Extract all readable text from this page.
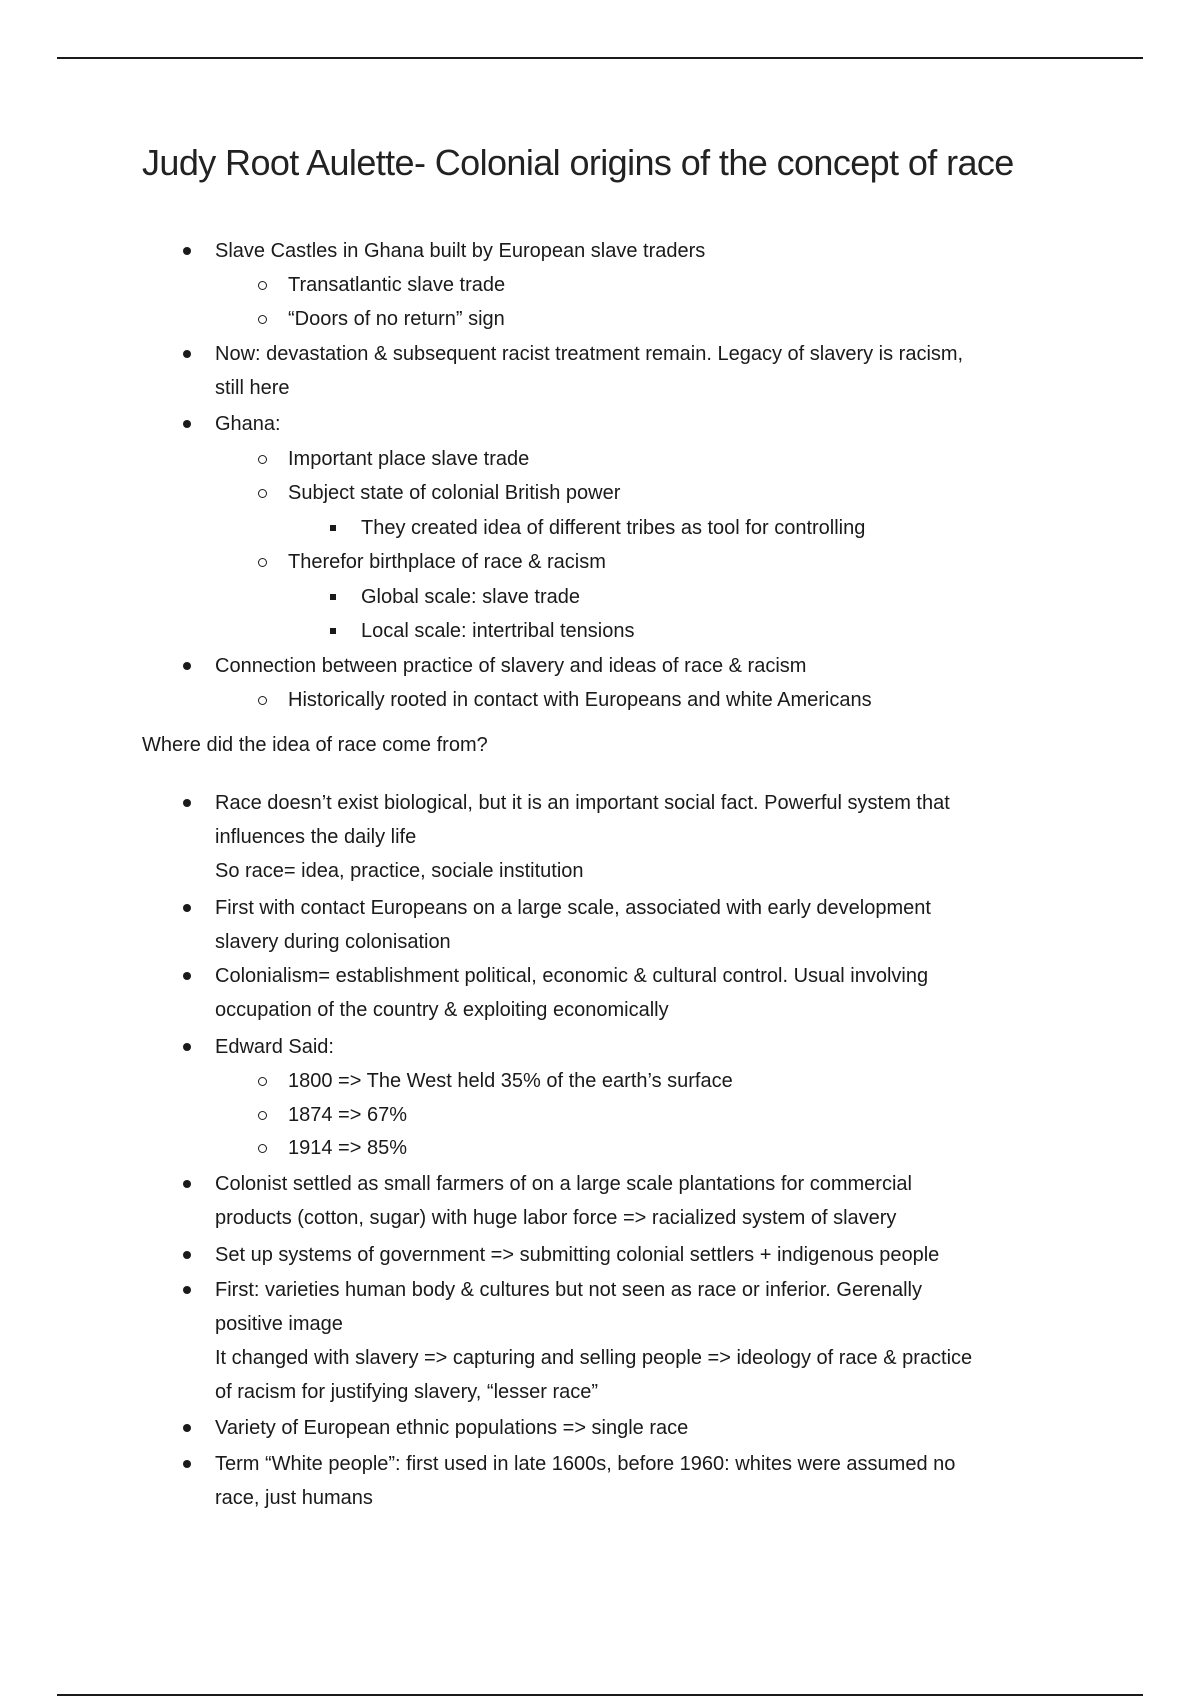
Judy Root Aulette- Colonial origins of the concept of race
Slave Castles in Ghana built by European slave traders
Transatlantic slave trade
“Doors of no return” sign
Now: devastation & subsequent racist treatment remain. Legacy of slavery is racism,
still here
Ghana:
Important place slave trade
Subject state of colonial British power
They created idea of different tribes as tool for controlling
Therefor birthplace of race & racism
Global scale: slave trade
Local scale: intertribal tensions
Connection between practice of slavery and ideas of race & racism
Historically rooted in contact with Europeans and white Americans
Where did the idea of race come from?
Race doesn’t exist biological, but it is an important social fact. Powerful system that
influences the daily life
So race= idea, practice, sociale institution
First with contact Europeans on a large scale, associated with early development
slavery during colonisation
Colonialism= establishment political, economic & cultural control. Usual involving
occupation of the country & exploiting economically
Edward Said:
1800 => The West held 35% of the earth’s surface
1874 => 67%
1914 => 85%
Colonist settled as small farmers of on a large scale plantations for commercial
products (cotton, sugar) with huge labor force => racialized system of slavery
Set up systems of government => submitting colonial settlers + indigenous people
First: varieties human body & cultures but not seen as race or inferior. Gerenally
positive image
It changed with slavery => capturing and selling people => ideology of race & practice
of racism for justifying slavery, “lesser race”
Variety of European ethnic populations => single race
Term “White people”: first used in late 1600s, before 1960: whites were assumed no
race, just humans
